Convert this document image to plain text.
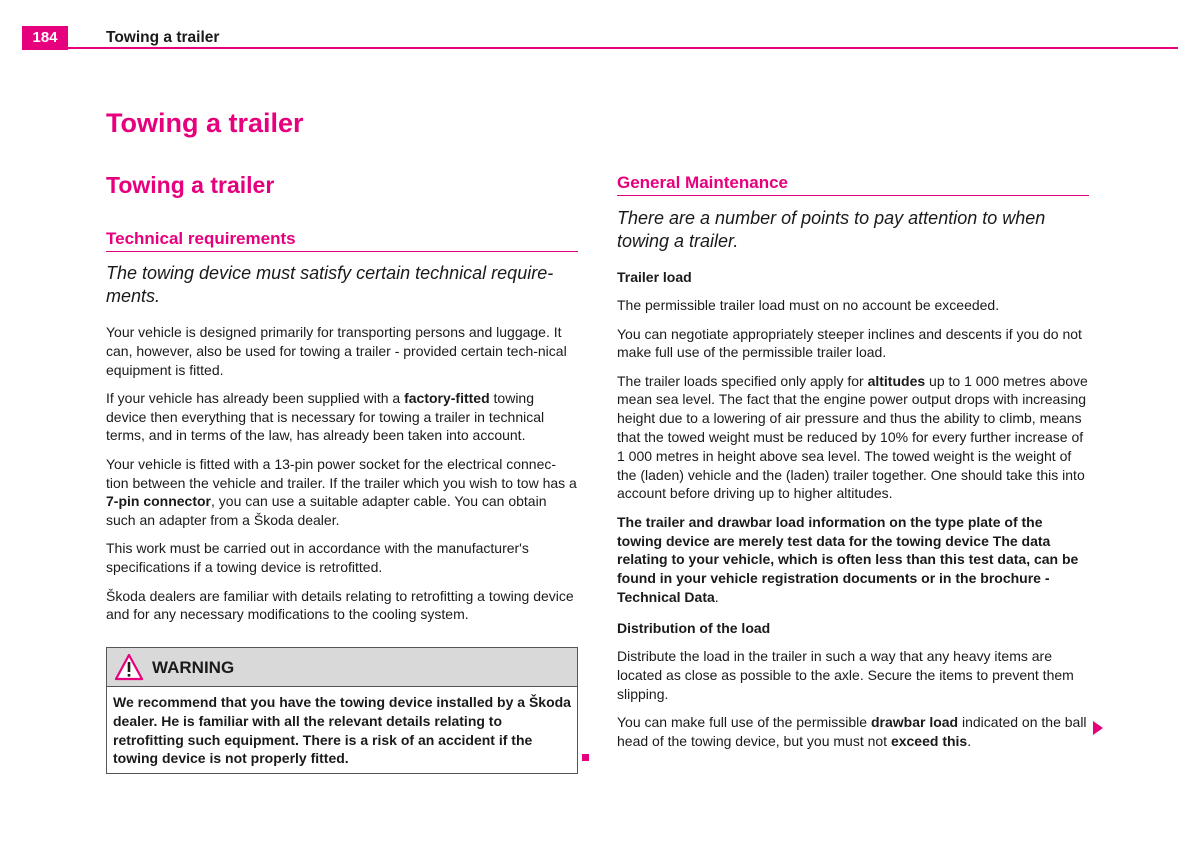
184	Towing a trailer
Towing a trailer
Towing a trailer
Technical requirements

The towing device must satisfy certain technical require-ments.

Your vehicle is designed primarily for transporting persons and luggage. It can, however, also be used for towing a trailer - provided certain tech-nical equipment is fitted.

If your vehicle has already been supplied with a factory-fitted towing device then everything that is necessary for towing a trailer in technical terms, and in terms of the law, has already been taken into account.

Your vehicle is fitted with a 13-pin power socket for the electrical connec-tion between the vehicle and trailer. If the trailer which you wish to tow has a 7-pin connector, you can use a suitable adapter cable. You can obtain such an adapter from a Škoda dealer.

This work must be carried out in accordance with the manufacturer's specifications if a towing device is retrofitted.

Škoda dealers are familiar with details relating to retrofitting a towing device and for any necessary modifications to the cooling system.

WARNING
We recommend that you have the towing device installed by a Škoda dealer. He is familiar with all the relevant details relating to retrofitting such equipment. There is a risk of an accident if the towing device is not properly fitted.
General Maintenance

There are a number of points to pay attention to when towing a trailer.

Trailer load

The permissible trailer load must on no account be exceeded.

You can negotiate appropriately steeper inclines and descents if you do not make full use of the permissible trailer load.

The trailer loads specified only apply for altitudes up to 1 000 metres above mean sea level. The fact that the engine power output drops with increasing height due to a lowering of air pressure and thus the ability to climb, means that the towed weight must be reduced by 10% for every further increase of 1 000 metres in height above sea level. The towed weight is the weight of the (laden) vehicle and the (laden) trailer together. One should take this into account before driving up to higher altitudes.

The trailer and drawbar load information on the type plate of the towing device are merely test data for the towing device The data relating to your vehicle, which is often less than this test data, can be found in your vehicle registration documents or in the brochure - Technical Data.

Distribution of the load

Distribute the load in the trailer in such a way that any heavy items are located as close as possible to the axle. Secure the items to prevent them slipping.

You can make full use of the permissible drawbar load indicated on the ball head of the towing device, but you must not exceed this.
